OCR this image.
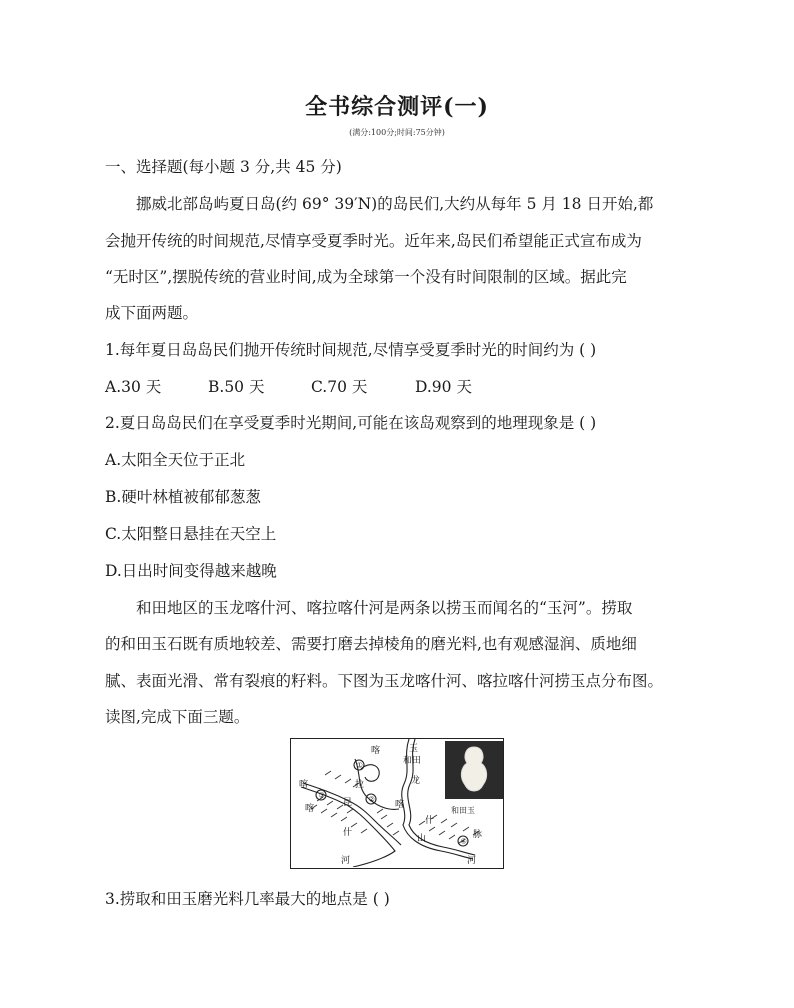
全书综合测评(一)
(满分:100分;时间:75分钟)
一、选择题(每小题 3 分,共 45 分)
挪威北部岛屿夏日岛(约 69° 39′N)的岛民们,大约从每年 5 月 18 日开始,都
会抛开传统的时间规范,尽情享受夏季时光。近年来,岛民们希望能正式宣布成为
“无时区”,摆脱传统的营业时间,成为全球第一个没有时间限制的区域。据此完
成下面两题。
1.每年夏日岛岛民们抛开传统时间规范,尽情享受夏季时光的时间约为 ( )
A.30 天	B.50 天	C.70 天	D.90 天
2.夏日岛岛民们在享受夏季时光期间,可能在该岛观察到的地理现象是 ( )
A.太阳全天位于正北
B.硬叶林植被郁郁葱葱
C.太阳整日悬挂在天空上
D.日出时间变得越来越晚
和田地区的玉龙喀什河、喀拉喀什河是两条以捞玉而闻名的“玉河”。捞取
的和田玉石既有质地较差、需要打磨去掉棱角的磨光料,也有观感湿润、质地细
腻、表面光滑、常有裂痕的籽料。下图为玉龙喀什河、喀拉喀什河捞玉点分布图。
读图,完成下面三题。
①
②
③
④
喀	玉
和田
龙
喀
什
山	脉
河
喀	拉
昆
喀
什
河
和田玉
3.捞取和田玉磨光料几率最大的地点是 ( )
